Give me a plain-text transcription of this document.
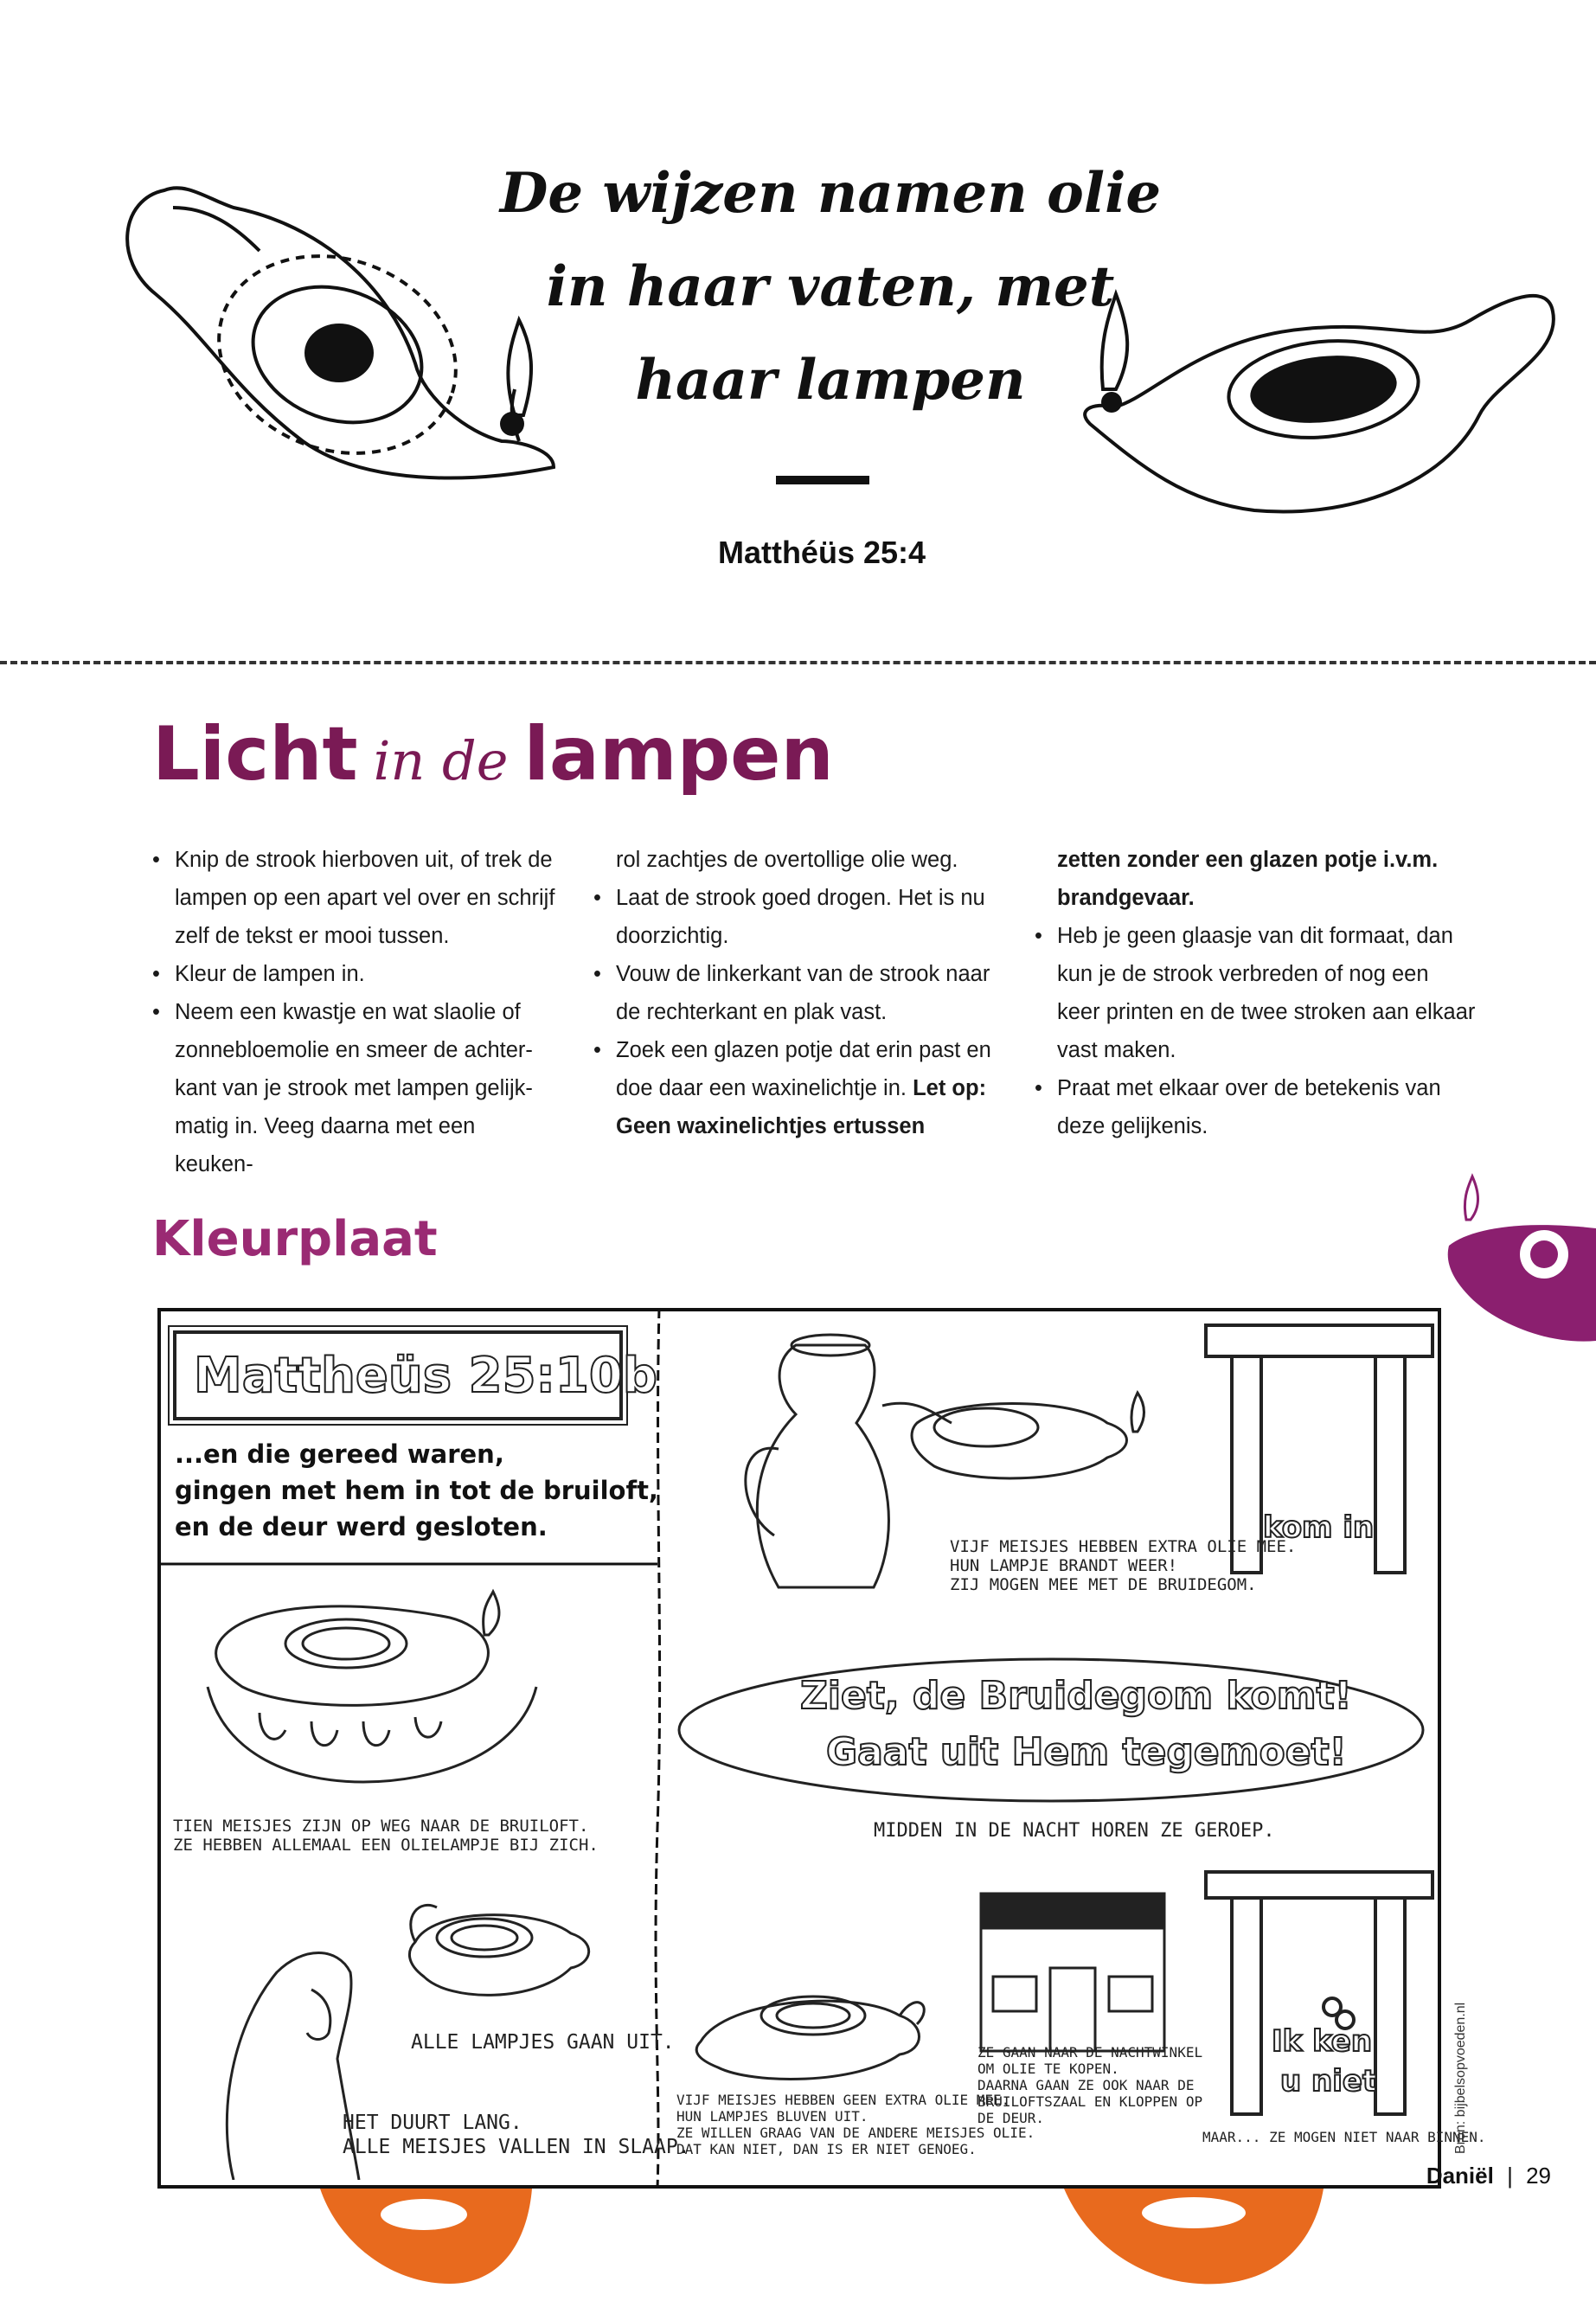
De wijzen namen olie
in haar vaten, met
haar lampen
Matthéüs 25:4
Licht in de lampen
• Knip de strook hierboven uit, of trek de lampen op een apart vel over en schrijf zelf de tekst er mooi tussen.
• Kleur de lampen in.
• Neem een kwastje en wat slaolie of zonnebloemolie en smeer de achter-kant van je strook met lampen gelijk-matig in. Veeg daarna met een keuken-
rol zachtjes de overtollige olie weg.
• Laat de strook goed drogen. Het is nu doorzichtig.
• Vouw de linkerkant van de strook naar de rechterkant en plak vast.
• Zoek een glazen potje dat erin past en doe daar een waxinelichtje in. Let op: Geen waxinelichtjes ertussen
zetten zonder een glazen potje i.v.m. brandgevaar.
• Heb je geen glaasje van dit formaat, dan kun je de strook verbreden of nog een keer printen en de twee stroken aan elkaar vast maken.
• Praat met elkaar over de betekenis van deze gelijkenis.
Kleurplaat
Mattheüs 25:10b
...en die gereed waren,
gingen met hem in tot de bruiloft,
en de deur werd gesloten.
TIEN MEISJES ZIJN OP WEG NAAR DE BRUILOFT.
ZE HEBBEN ALLEMAAL EEN OLIELAMPJE BIJ ZICH.
ALLE LAMPJES GAAN UIT.
HET DUURT LANG.
ALLE MEISJES VALLEN IN SLAAP.
VIJF MEISJES HEBBEN EXTRA OLIE MEE.
HUN LAMPJE BRANDT WEER!
ZIJ MOGEN MEE MET DE BRUIDEGOM.
kom in
Ziet, de Bruidegom komt!
Gaat uit Hem tegemoet!
MIDDEN IN DE NACHT HOREN ZE GEROEP.
VIJF MEISJES HEBBEN GEEN EXTRA OLIE MEE.
HUN LAMPJES BLUVEN UIT.
ZE WILLEN GRAAG VAN DE ANDERE MEISJES OLIE.
DAT KAN NIET, DAN IS ER NIET GENOEG.
ZE GAAN NAAR DE NACHTWINKEL
OM OLIE TE KOPEN.
DAARNA GAAN ZE OOK NAAR DE
BRUILOFTSZAAL EN KLOPPEN OP
DE DEUR.
Ik ken
u niet
MAAR... ZE MOGEN NIET NAAR BINNEN.
Bron: bijbelsopvoeden.nl
Daniël | 29
